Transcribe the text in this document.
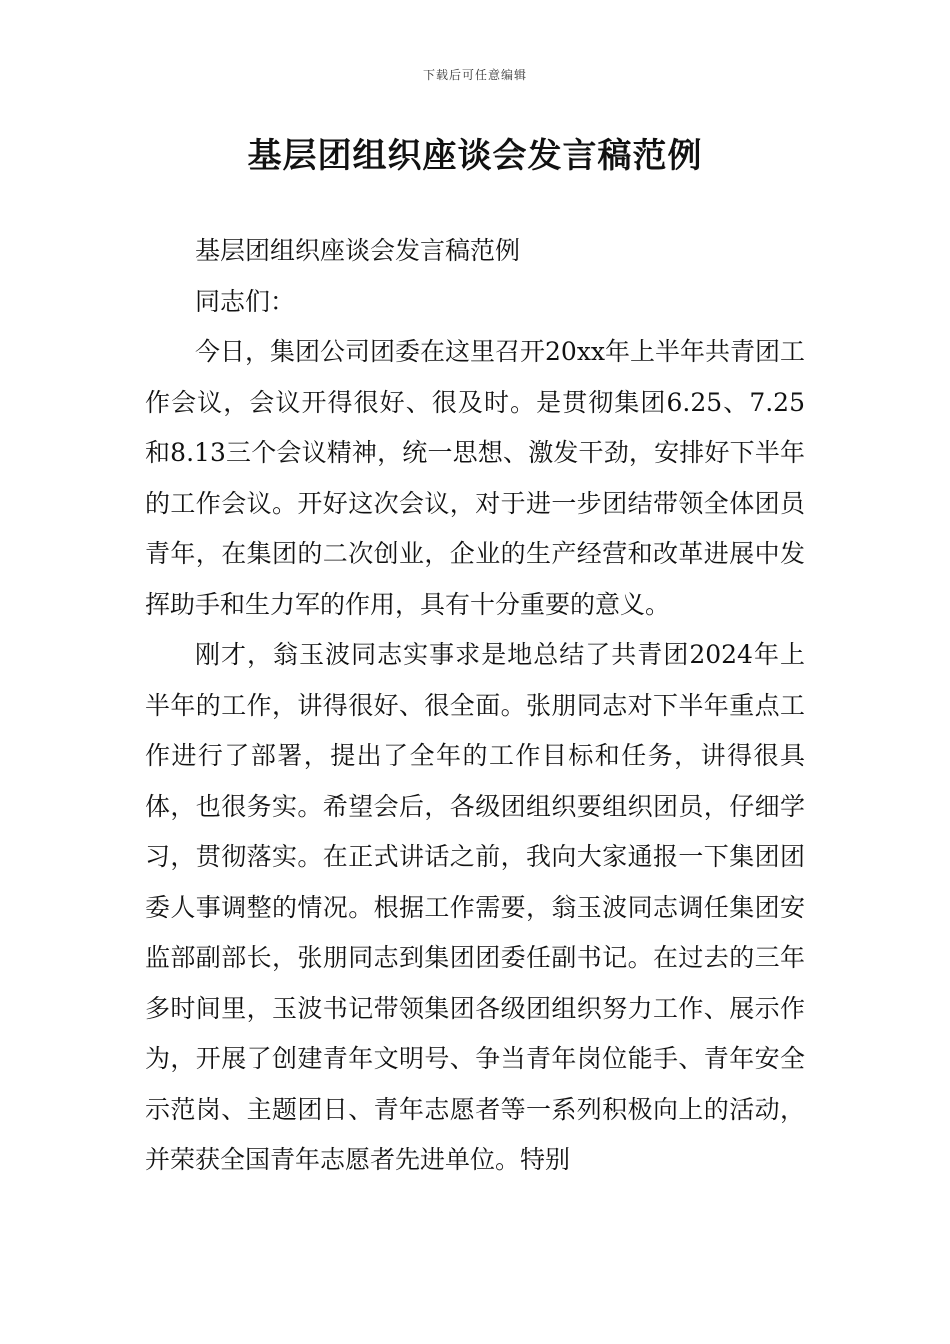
下载后可任意编辑
基层团组织座谈会发言稿范例

基层团组织座谈会发言稿范例

同志们：

今日，集团公司团委在这里召开20xx年上半年共青团工作会议，会议开得很好、很及时。是贯彻集团6.25、7.25和8.13三个会议精神，统一思想、激发干劲，安排好下半年的工作会议。开好这次会议，对于进一步团结带领全体团员青年，在集团的二次创业，企业的生产经营和改革进展中发挥助手和生力军的作用，具有十分重要的意义。

刚才，翁玉波同志实事求是地总结了共青团2024年上半年的工作，讲得很好、很全面。张朋同志对下半年重点工作进行了部署，提出了全年的工作目标和任务，讲得很具体，也很务实。希望会后，各级团组织要组织团员，仔细学习，贯彻落实。在正式讲话之前，我向大家通报一下集团团委人事调整的情况。根据工作需要，翁玉波同志调任集团安监部副部长，张朋同志到集团团委任副书记。在过去的三年多时间里，玉波书记带领集团各级团组织努力工作、展示作为，开展了创建青年文明号、争当青年岗位能手、青年安全示范岗、主题团日、青年志愿者等一系列积极向上的活动，并荣获全国青年志愿者先进单位。特别
